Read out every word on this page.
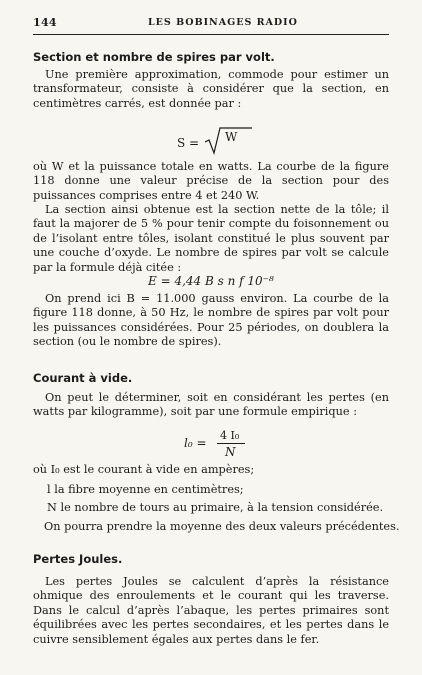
144	LES BOBINAGES RADIO
Section et nombre de spires par volt.
Une première approximation, commode pour estimer un transformateur, consiste à considérer que la section, en centimètres carrés, est donnée par :
S = W
où W et la puissance totale en watts. La courbe de la figure 118 donne une valeur précise de la section pour des puissances comprises entre 4 et 240 W.
La section ainsi obtenue est la section nette de la tôle; il faut la majorer de 5 % pour tenir compte du foisonnement ou de l’isolant entre tôles, isolant constitué le plus souvent par une couche d’oxyde. Le nombre de spires par volt se calcule par la formule déjà citée :
E = 4,44 B s n f 10⁻⁸
On prend ici B = 11.000 gauss environ. La courbe de la figure 118 donne, à 50 Hz, le nombre de spires par volt pour les puissances considérées. Pour 25 périodes, on doublera la section (ou le nombre de spires).
Courant à vide.
On peut le déterminer, soit en considérant les pertes (en watts par kilogramme), soit par une formule empirique :
l₀ =
4 I₀
N
où I₀ est le courant à vide en ampères;
l la fibre moyenne en centimètres;
N le nombre de tours au primaire, à la tension considérée.
On pourra prendre la moyenne des deux valeurs précédentes.
Pertes Joules.
Les pertes Joules se calculent d’après la résistance ohmique des enroulements et le courant qui les traverse. Dans le calcul d’après l’abaque, les pertes primaires sont équilibrées avec les pertes secondaires, et les pertes dans le cuivre sensiblement égales aux pertes dans le fer.
